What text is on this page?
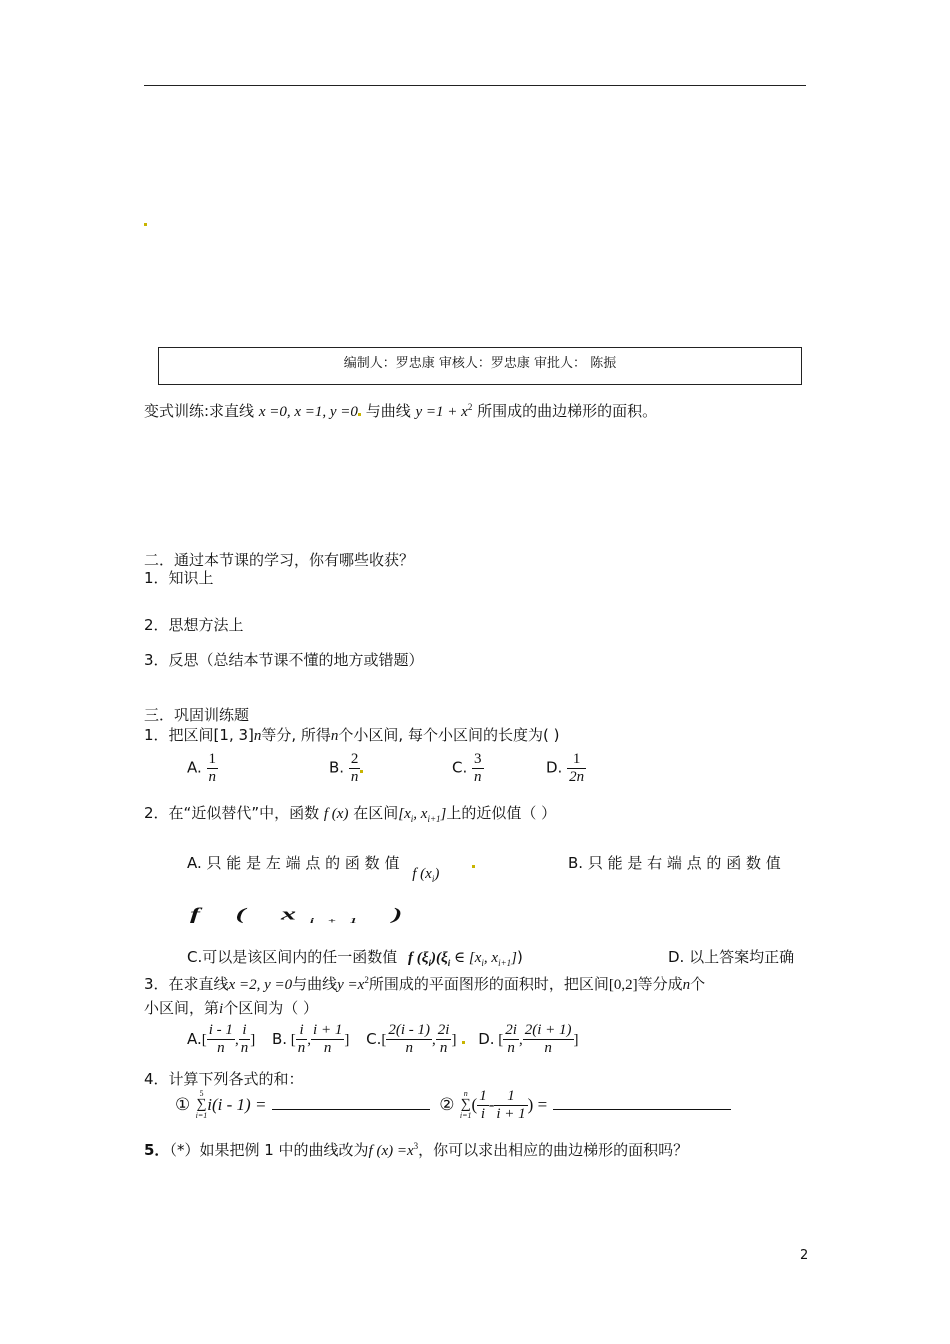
编制人：罗忠康 审核人：罗忠康 审批人： 陈振
变式训练:求直线 x =0, x =1, y =0 与曲线 $y =1 + x^2$ 所围成的曲边梯形的面积。
二．通过本节课的学习，你有哪些收获？
1．知识上
2．思想方法上
3．反思（总结本节课不懂的地方或错题）
三．巩固训练题
1．把区间[1, 3]n等分, 所得n个小区间, 每个小区间的长度为( )
A. $\frac{1}{n}$	B. $\frac{2}{n}$	C. $\frac{3}{n}$	D. $\frac{1}{2n}$
2．在“近似替代”中，函数 f (x) 在区间[$x_i$, $x_{i+1}$]上的近似值（ ）
A. 只 能 是 左 端 点 的 函 数 值 f $(x_i)$
B. 只 能 是 右 端 点 的 函 数 值
f ( $x_{i+1}$ )
C.可以是该区间内的任一函数值 f $(\xi_i)(\xi_i$ ∈ [$x_i$, $x_{i+1}$])	D. 以上答案均正确
3．在求直线x =2, y =0与曲线$y =x^2$所围成的平面图形的面积时，把区间[0,2]等分成n个
小区间，第i个区间为（ ）
$A.[ \frac{i - 1}{n}$ , $\frac{i}{n}$ ] B. [ $\frac{i}{n}$ , $\frac{i + 1}{n}$ ] $C.[ \frac{2(i - 1)}{n}$ , $\frac{2i}{n}$ ] D. [ $\frac{2i}{n}$ , $\frac{2(i + 1)}{n}$ ]
4．计算下列各式的和：
①
5
∑
i=1
i(i - 1) =	②
n
∑
i=1
( $\frac{1}{i} - \frac{1}{i + 1}$ ) =
5．（*）如果把例 1 中的曲线改为f $(x) =x^3$，你可以求出相应的曲边梯形的面积吗？
2
